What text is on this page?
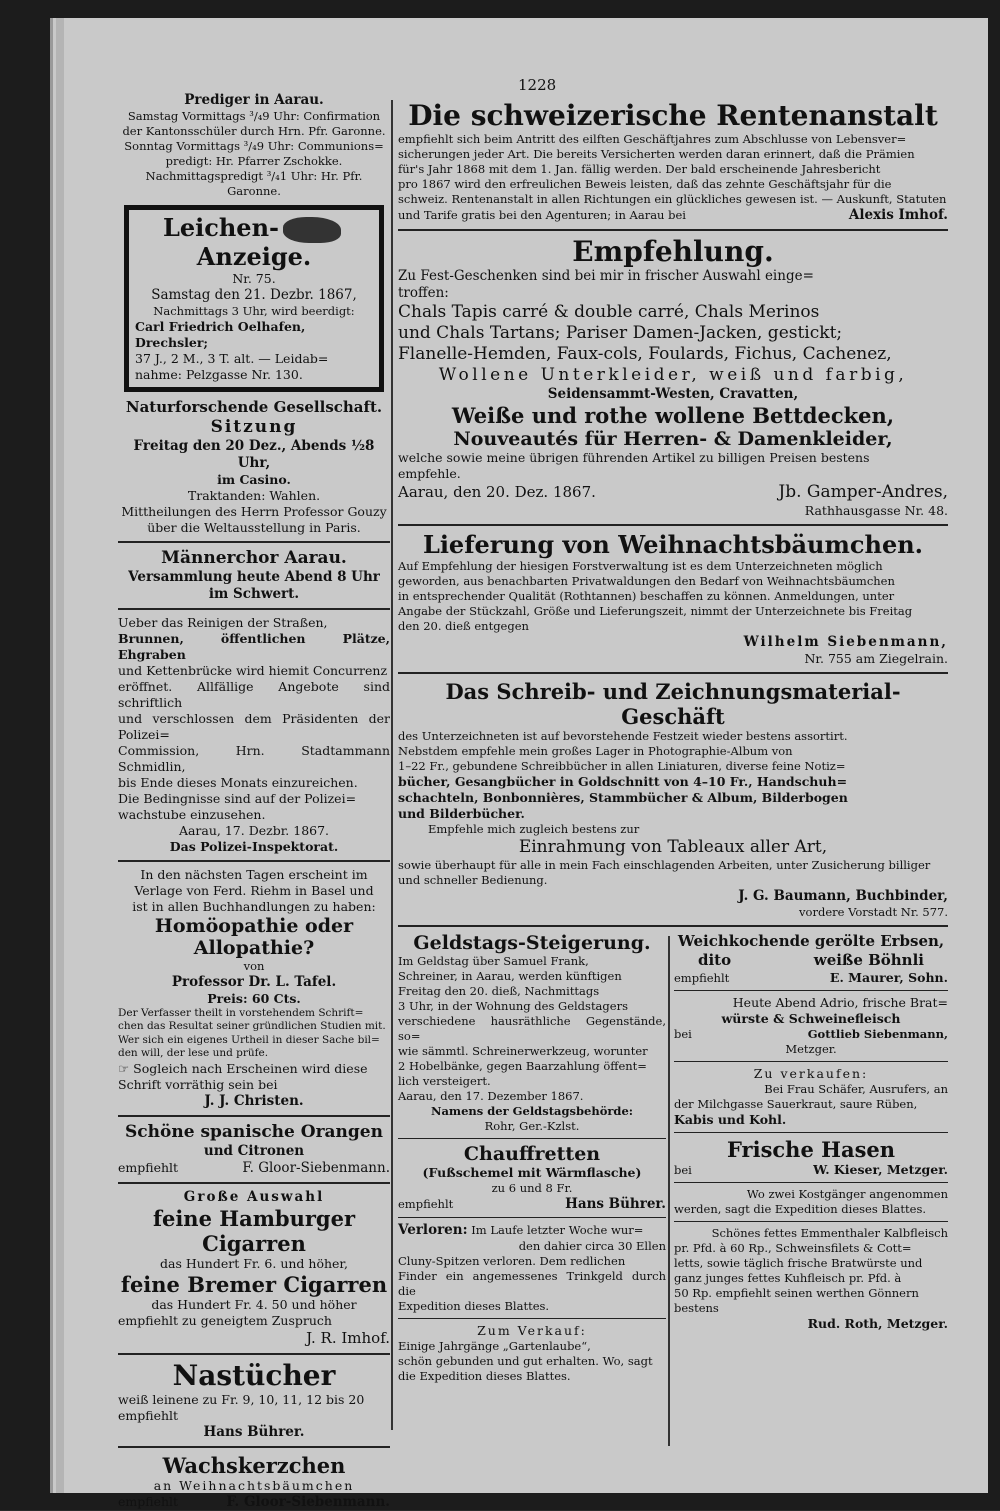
1228
Prediger in Aarau.
Samstag Vormittags ³/₄9 Uhr: Confirmation
der Kantonsschüler durch Hrn. Pfr. Garonne.
Sonntag Vormittags ³/₄9 Uhr: Communions=
predigt: Hr. Pfarrer Zschokke.
Nachmittagspredigt ³/₄1 Uhr: Hr. Pfr. Garonne.
Leichen-Anzeige.
Nr. 75.
Samstag den 21. Dezbr. 1867,
Nachmittags 3 Uhr, wird beerdigt:
Carl Friedrich Oelhafen, Drechsler;
37 J., 2 M., 3 T. alt. — Leidab=
nahme: Pelzgasse Nr. 130.
Naturforschende Gesellschaft.
Sitzung
Freitag den 20 Dez., Abends ½8 Uhr,
im Casino.
Traktanden: Wahlen.
Mittheilungen des Herrn Professor Gouzy
über die Weltausstellung in Paris.
Männerchor Aarau.
Versammlung heute Abend 8 Uhr
im Schwert.
Ueber das Reinigen der Straßen,
Brunnen, öffentlichen Plätze, Ehgraben
und Kettenbrücke wird hiemit Concurrenz
eröffnet. Allfällige Angebote sind schriftlich
und verschlossen dem Präsidenten der Polizei=
Commission, Hrn. Stadtammann Schmidlin,
bis Ende dieses Monats einzureichen.
Die Bedingnisse sind auf der Polizei=
wachstube einzusehen.
Aarau, 17. Dezbr. 1867.
Das Polizei-Inspektorat.
In den nächsten Tagen erscheint im
Verlage von Ferd. Riehm in Basel und
ist in allen Buchhandlungen zu haben:
Homöopathie oder Allopathie?
von
Professor Dr. L. Tafel.
Preis: 60 Cts.
Der Verfasser theilt in vorstehendem Schrift=
chen das Resultat seiner gründlichen Studien mit.
Wer sich ein eigenes Urtheil in dieser Sache bil=
den will, der lese und prüfe.
☞ Sogleich nach Erscheinen wird diese
Schrift vorräthig sein bei
J. J. Christen.
Schöne spanische Orangen
und Citronen
empfiehlt	F. Gloor-Siebenmann.
Große Auswahl
feine Hamburger Cigarren
das Hundert Fr. 6. und höher,
feine Bremer Cigarren
das Hundert Fr. 4. 50 und höher
empfiehlt zu geneigtem Zuspruch
J. R. Imhof.
Nastücher
weiß leinene zu Fr. 9, 10, 11, 12 bis 20
empfiehlt
Hans Bührer.
Wachskerzchen
an Weihnachtsbäumchen
empfiehlt	F. Gloor-Siebenmann.
Die schweizerische Rentenanstalt
empfiehlt sich beim Antritt des eilften Geschäftjahres zum Abschlusse von Lebensver=
sicherungen jeder Art. Die bereits Versicherten werden daran erinnert, daß die Prämien
für's Jahr 1868 mit dem 1. Jan. fällig werden. Der bald erscheinende Jahresbericht
pro 1867 wird den erfreulichen Beweis leisten, daß das zehnte Geschäftsjahr für die
schweiz. Rentenanstalt in allen Richtungen ein glückliches gewesen ist. — Auskunft, Statuten
und Tarife gratis bei den Agenturen; in Aarau bei	Alexis Imhof.
Empfehlung.
Zu Fest-Geschenken sind bei mir in frischer Auswahl einge=
troffen:
Chals Tapis carré & double carré, Chals Merinos
und Chals Tartans; Pariser Damen-Jacken, gestickt;
Flanelle-Hemden, Faux-cols, Foulards, Fichus, Cachenez,
Wollene Unterkleider, weiß und farbig,
Seidensammt-Westen, Cravatten,
Weiße und rothe wollene Bettdecken,
Nouveautés für Herren- & Damenkleider,
welche sowie meine übrigen führenden Artikel zu billigen Preisen bestens
empfehle.
Aarau, den 20. Dez. 1867.	Jb. Gamper-Andres,
Rathhausgasse Nr. 48.
Lieferung von Weihnachtsbäumchen.
Auf Empfehlung der hiesigen Forstverwaltung ist es dem Unterzeichneten möglich
geworden, aus benachbarten Privatwaldungen den Bedarf von Weihnachtsbäumchen
in entsprechender Qualität (Rothtannen) beschaffen zu können. Anmeldungen, unter
Angabe der Stückzahl, Größe und Lieferungszeit, nimmt der Unterzeichnete bis Freitag
den 20. dieß entgegen
Wilhelm Siebenmann,
Nr. 755 am Ziegelrain.
Das Schreib- und Zeichnungsmaterial-Geschäft
des Unterzeichneten ist auf bevorstehende Festzeit wieder bestens assortirt.
Nebstdem empfehle mein großes Lager in Photographie-Album von
1–22 Fr., gebundene Schreibbücher in allen Liniaturen, diverse feine Notiz=
bücher, Gesangbücher in Goldschnitt von 4–10 Fr., Handschuh=
schachteln, Bonbonnières, Stammbücher & Album, Bilderbogen
und Bilderbücher.
Empfehle mich zugleich bestens zur
Einrahmung von Tableaux aller Art,
sowie überhaupt für alle in mein Fach einschlagenden Arbeiten, unter Zusicherung billiger
und schneller Bedienung.
J. G. Baumann, Buchbinder,
vordere Vorstadt Nr. 577.
Geldstags-Steigerung.
Im Geldstag über Samuel Frank,
Schreiner, in Aarau, werden künftigen
Freitag den 20. dieß, Nachmittags
3 Uhr, in der Wohnung des Geldstagers
verschiedene hausräthliche Gegenstände, so=
wie sämmtl. Schreinerwerkzeug, worunter
2 Hobelbänke, gegen Baarzahlung öffent=
lich versteigert.
Aarau, den 17. Dezember 1867.
Namens der Geldstagsbehörde:
Rohr, Ger.-Kzlst.
Chauffretten
(Fußschemel mit Wärmflasche)
zu 6 und 8 Fr.
empfiehlt	Hans Bührer.
Verloren: Im Laufe letzter Woche wur=
den dahier circa 30 Ellen
Cluny-Spitzen verloren. Dem redlichen
Finder ein angemessenes Trinkgeld durch die
Expedition dieses Blattes.
Zum Verkauf:
Einige Jahrgänge „Gartenlaube“,
schön gebunden und gut erhalten. Wo, sagt
die Expedition dieses Blattes.
Weichkochende gerölte Erbsen,
dito	weiße Böhnli
empfiehlt	E. Maurer, Sohn.
Heute Abend Adrio, frische Brat=
würste & Schweinefleisch
bei	Gottlieb Siebenmann,
Metzger.
Zu verkaufen:
Bei Frau Schäfer, Ausrufers, an
der Milchgasse Sauerkraut, saure Rüben,
Kabis und Kohl.
Frische Hasen
bei	W. Kieser, Metzger.
Wo zwei Kostgänger angenommen
werden, sagt die Expedition dieses Blattes.
Schönes fettes Emmenthaler Kalbfleisch
pr. Pfd. à 60 Rp., Schweinsfilets & Cott=
letts, sowie täglich frische Bratwürste und
ganz junges fettes Kuhfleisch pr. Pfd. à
50 Rp. empfiehlt seinen werthen Gönnern
bestens
Rud. Roth, Metzger.
